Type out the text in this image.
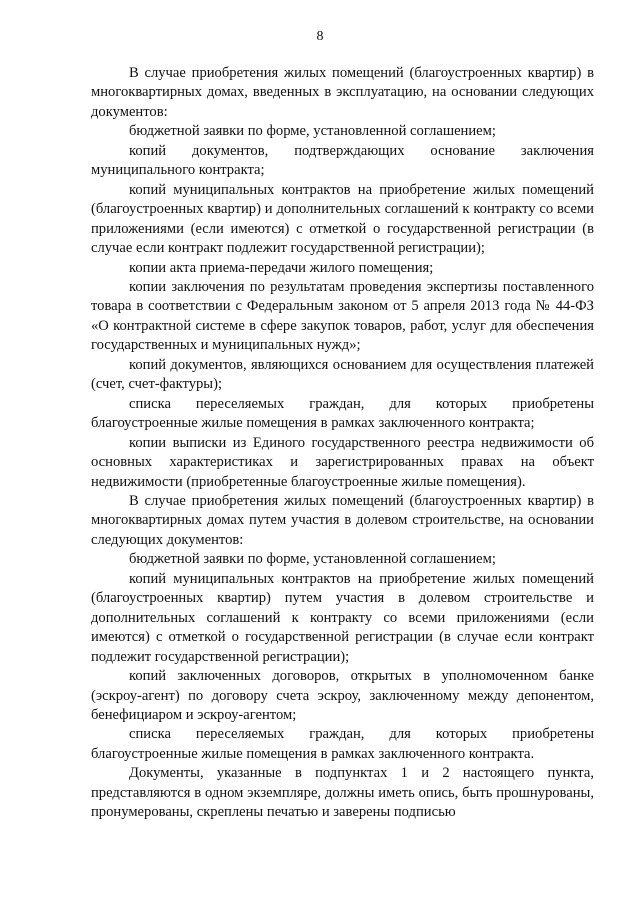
8

В случае приобретения жилых помещений (благоустроенных квартир) в многоквартирных домах, введенных в эксплуатацию, на основании следующих документов:

бюджетной заявки по форме, установленной соглашением;

копий документов, подтверждающих основание заключения муниципального контракта;

копий муниципальных контрактов на приобретение жилых помещений (благоустроенных квартир) и дополнительных соглашений к контракту со всеми приложениями (если имеются) с отметкой о государственной регистрации (в случае если контракт подлежит государственной регистрации);

копии акта приема-передачи жилого помещения;

копии заключения по результатам проведения экспертизы поставленного товара в соответствии с Федеральным законом от 5 апреля 2013 года № 44-ФЗ «О контрактной системе в сфере закупок товаров, работ, услуг для обеспечения государственных и муниципальных нужд»;

копий документов, являющихся основанием для осуществления платежей (счет, счет-фактуры);

списка переселяемых граждан, для которых приобретены благоустроенные жилые помещения в рамках заключенного контракта;

копии выписки из Единого государственного реестра недвижимости об основных характеристиках и зарегистрированных правах на объект недвижимости (приобретенные благоустроенные жилые помещения).

В случае приобретения жилых помещений (благоустроенных квартир) в многоквартирных домах путем участия в долевом строительстве, на основании следующих документов:

бюджетной заявки по форме, установленной соглашением;

копий муниципальных контрактов на приобретение жилых помещений (благоустроенных квартир) путем участия в долевом строительстве и дополнительных соглашений к контракту со всеми приложениями (если имеются) с отметкой о государственной регистрации (в случае если контракт подлежит государственной регистрации);

копий заключенных договоров, открытых в уполномоченном банке (эскроу-агент) по договору счета эскроу, заключенному между депонентом, бенефициаром и эскроу-агентом;

списка переселяемых граждан, для которых приобретены благоустроенные жилые помещения в рамках заключенного контракта.

Документы, указанные в подпунктах 1 и 2 настоящего пункта, представляются в одном экземпляре, должны иметь опись, быть прошнурованы, пронумерованы, скреплены печатью и заверены подписью
